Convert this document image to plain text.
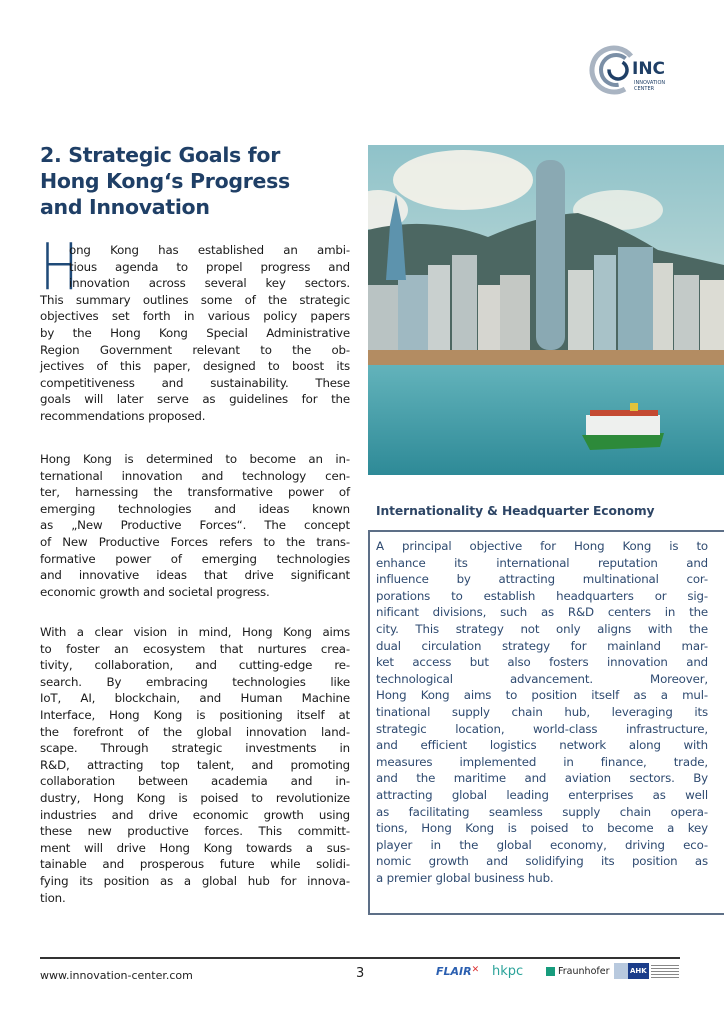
INC
INNOVATION
CENTER
2. Strategic Goals for
Hong Kong‘s Progress
and Innovation
H
ong Kong has established an ambi-
tious agenda to propel progress and
innovation across several key sectors.
This summary outlines some of the strategic
objectives set forth in various policy papers
by the Hong Kong Special Administrative
Region Government relevant to the ob-
jectives of this paper, designed to boost its
competitiveness and sustainability. These
goals will later serve as guidelines for the
recommendations proposed.
Hong Kong is determined to become an in-
ternational innovation and technology cen-
ter, harnessing the transformative power of
emerging technologies and ideas known
as „New Productive Forces“. The concept
of New Productive Forces refers to the trans-
formative power of emerging technologies
and innovative ideas that drive significant
economic growth and societal progress.
With a clear vision in mind, Hong Kong aims
to foster an ecosystem that nurtures crea-
tivity, collaboration, and cutting-edge re-
search. By embracing technologies like
IoT, AI, blockchain, and Human Machine
Interface, Hong Kong is positioning itself at
the forefront of the global innovation land-
scape. Through strategic investments in
R&D, attracting top talent, and promoting
collaboration between academia and in-
dustry, Hong Kong is poised to revolutionize
industries and drive economic growth using
these new productive forces. This committ-
ment will drive Hong Kong towards a sus-
tainable and prosperous future while solidi-
fying its position as a global hub for innova-
tion.
Internationality & Headquarter Economy
A principal objective for Hong Kong is to
enhance its international reputation and
influence by attracting multinational cor-
porations to establish headquarters or sig-
nificant divisions, such as R&D centers in the
city. This strategy not only aligns with the
dual circulation strategy for mainland mar-
ket access but also fosters innovation and
technological advancement. Moreover,
Hong Kong aims to position itself as a mul-
tinational supply chain hub, leveraging its
strategic location, world-class infrastructure,
and efficient logistics network along with
measures implemented in finance, trade,
and the maritime and aviation sectors. By
attracting global leading enterprises as well
as facilitating seamless supply chain opera-
tions, Hong Kong is poised to become a key
player in the global economy, driving eco-
nomic growth and solidifying its position as
a premier global business hub.
www.innovation-center.com	3	FLAIR✕ hkpc	Fraunhofer	AHK
